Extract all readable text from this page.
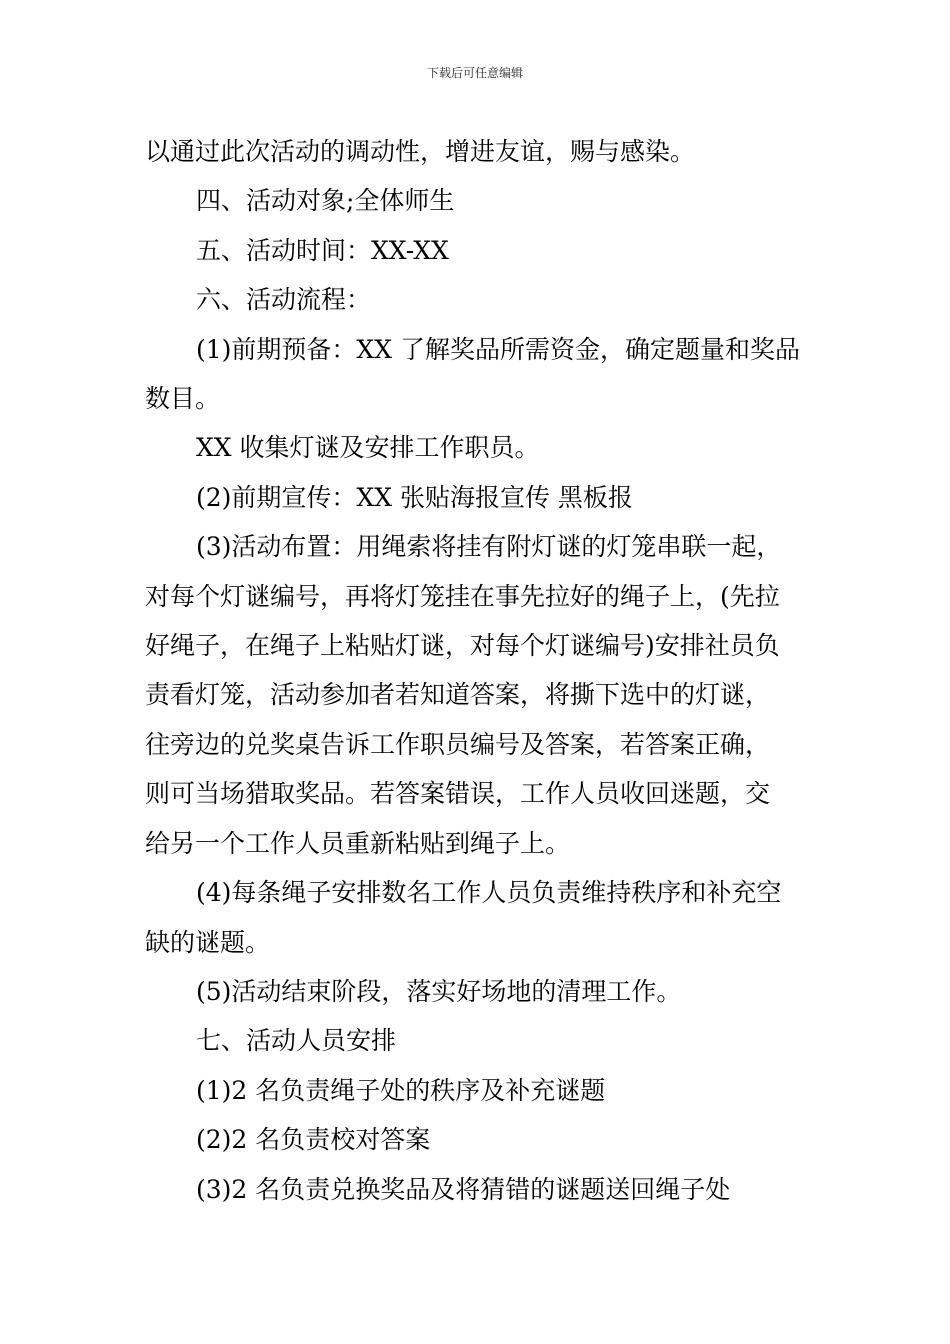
下载后可任意编辑

以通过此次活动的调动性，增进友谊，赐与感染。

四、活动对象;全体师生

五、活动时间：XX-XX

六、活动流程：

(1)前期预备：XX 了解奖品所需资金，确定题量和奖品

数目。

XX 收集灯谜及安排工作职员。

(2)前期宣传：XX 张贴海报宣传 黑板报

(3)活动布置：用绳索将挂有附灯谜的灯笼串联一起，

对每个灯谜编号，再将灯笼挂在事先拉好的绳子上，(先拉

好绳子，在绳子上粘贴灯谜，对每个灯谜编号)安排社员负

责看灯笼，活动参加者若知道答案，将撕下选中的灯谜，

往旁边的兑奖桌告诉工作职员编号及答案，若答案正确，

则可当场猎取奖品。若答案错误，工作人员收回迷题，交

给另一个工作人员重新粘贴到绳子上。

(4)每条绳子安排数名工作人员负责维持秩序和补充空

缺的谜题。

(5)活动结束阶段，落实好场地的清理工作。

七、活动人员安排

(1)2 名负责绳子处的秩序及补充谜题

(2)2 名负责校对答案

(3)2 名负责兑换奖品及将猜错的谜题送回绳子处
